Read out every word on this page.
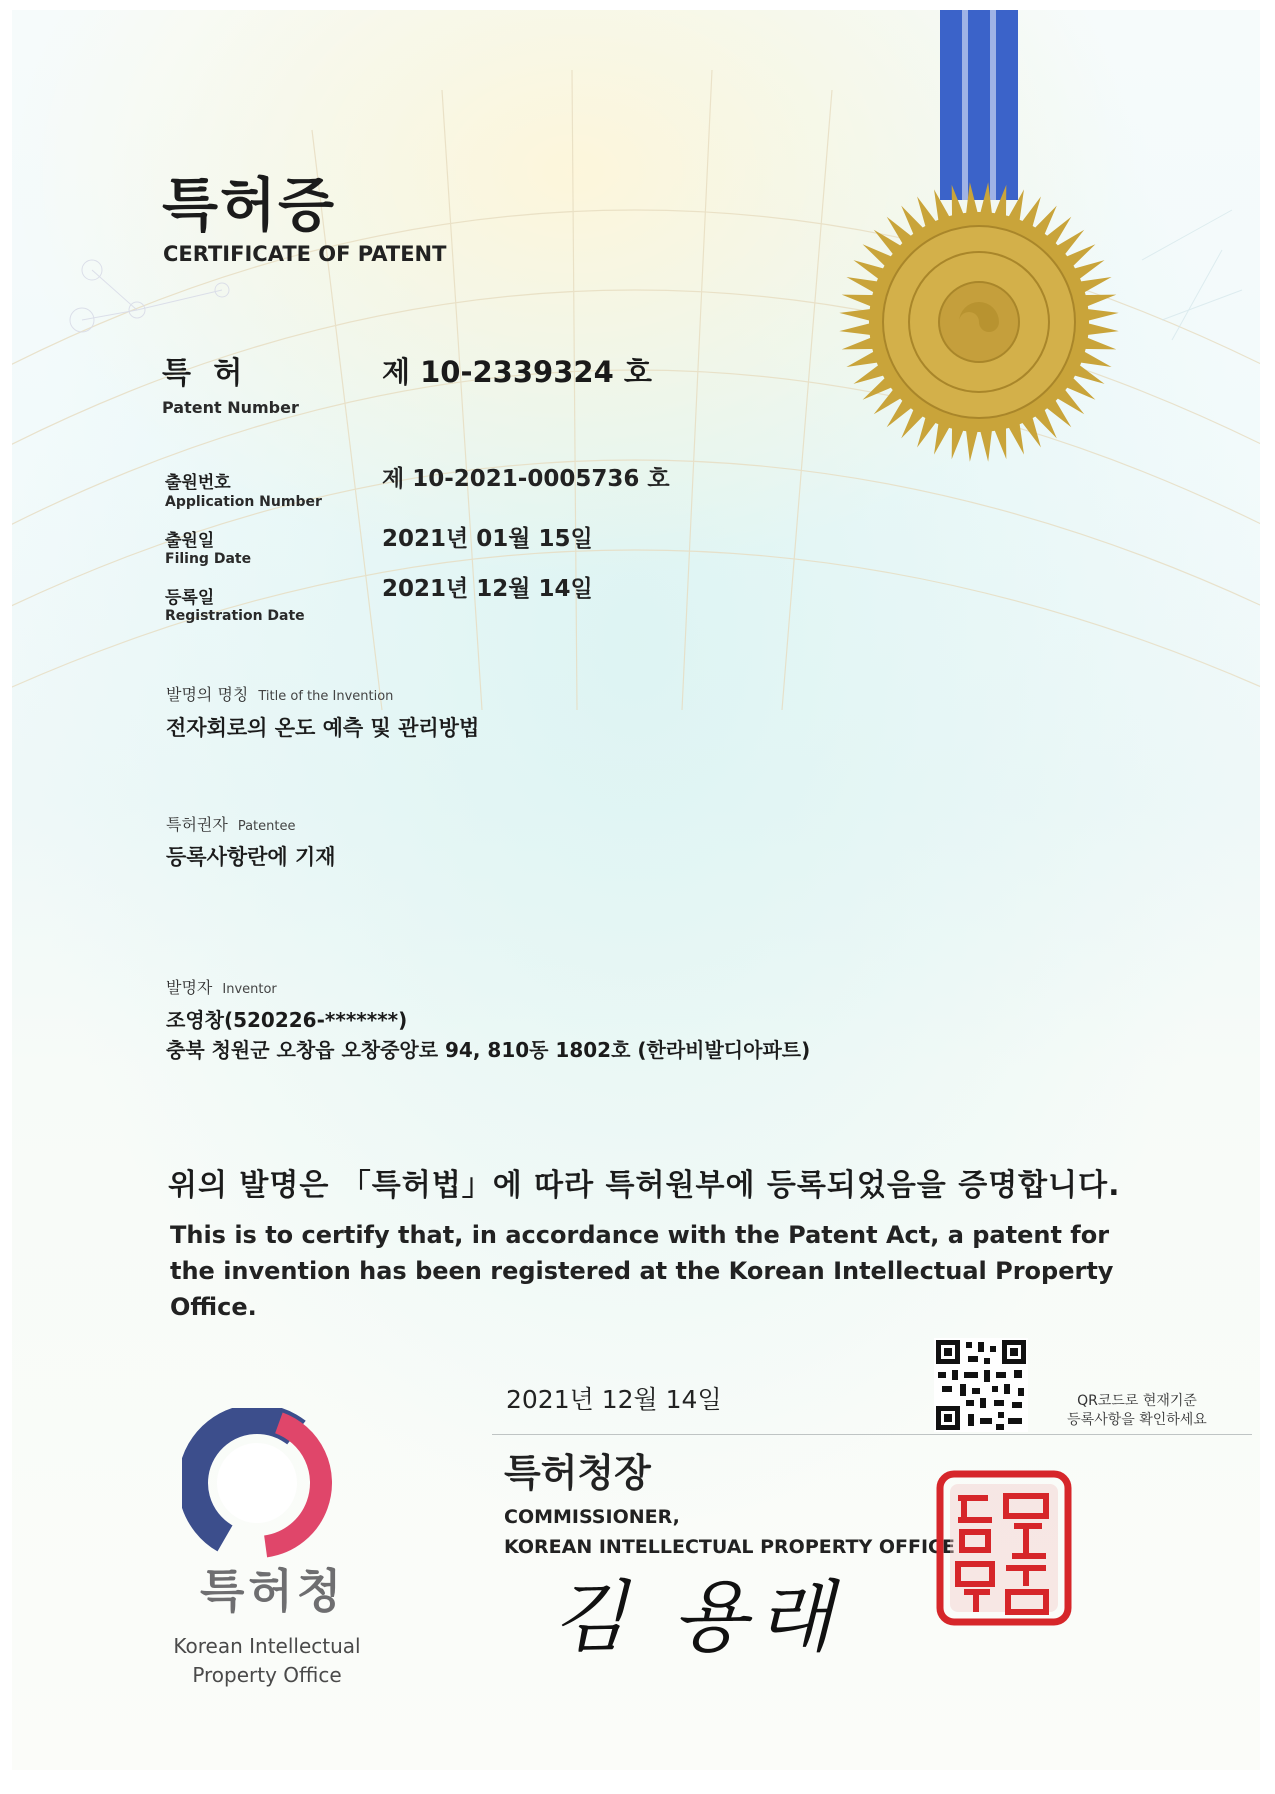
특허증
CERTIFICATE OF PATENT
특 허
Patent Number
제 10-2339324 호
출원번호
Application Number
제 10-2021-0005736 호
출원일
Filing Date
2021년 01월 15일
등록일
Registration Date
2021년 12월 14일
발명의 명칭 Title of the Invention
전자회로의 온도 예측 및 관리방법
특허권자 Patentee
등록사항란에 기재
발명자 Inventor
조영창(520226-*******)
충북 청원군 오창읍 오창중앙로 94, 810동 1802호 (한라비발디아파트)
위의 발명은 「특허법」에 따라 특허원부에 등록되었음을 증명합니다.
This is to certify that, in accordance with the Patent Act, a patent for the invention has been registered at the Korean Intellectual Property Office.
2021년 12월 14일
특허청장
COMMISSIONER,
KOREAN INTELLECTUAL PROPERTY OFFICE
김 용래
QR코드로 현재기준
등록사항을 확인하세요
특허청
Korean Intellectual
Property Office
